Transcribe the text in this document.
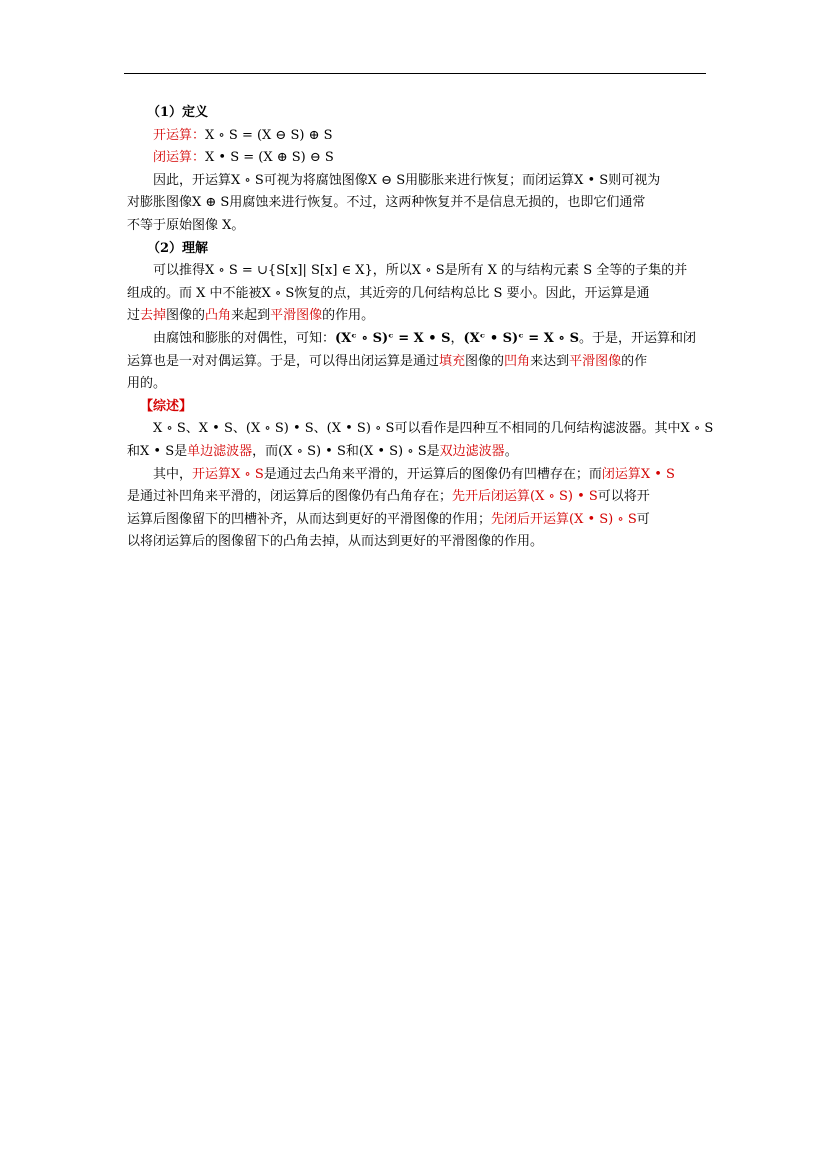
（1）定义

开运算：X ∘ S = (X ⊖ S) ⊕ S

闭运算：X • S = (X ⊕ S) ⊖ S

因此，开运算X ∘ S可视为将腐蚀图像X ⊖ S用膨胀来进行恢复；而闭运算X • S则可视为

对膨胀图像X ⊕ S用腐蚀来进行恢复。不过，这两种恢复并不是信息无损的，也即它们通常

不等于原始图像 X。

（2）理解

可以推得X ∘ S = ∪{S[x]| S[x] ∈ X}，所以X ∘ S是所有 X 的与结构元素 S 全等的子集的并

组成的。而 X 中不能被X ∘ S恢复的点，其近旁的几何结构总比 S 要小。因此，开运算是通

过去掉图像的凸角来起到平滑图像的作用。

由腐蚀和膨胀的对偶性，可知：(Xᶜ ∘ S)ᶜ = X • S，(Xᶜ • S)ᶜ = X ∘ S。于是，开运算和闭

运算也是一对对偶运算。于是，可以得出闭运算是通过填充图像的凹角来达到平滑图像的作

用的。

【综述】

X ∘ S、X • S、(X ∘ S) • S、(X • S) ∘ S可以看作是四种互不相同的几何结构滤波器。其中X ∘ S

和X • S是单边滤波器，而(X ∘ S) • S和(X • S) ∘ S是双边滤波器。

其中，开运算X ∘ S是通过去凸角来平滑的，开运算后的图像仍有凹槽存在；而闭运算X • S

是通过补凹角来平滑的，闭运算后的图像仍有凸角存在；先开后闭运算(X ∘ S) • S可以将开

运算后图像留下的凹槽补齐，从而达到更好的平滑图像的作用；先闭后开运算(X • S) ∘ S可

以将闭运算后的图像留下的凸角去掉，从而达到更好的平滑图像的作用。
